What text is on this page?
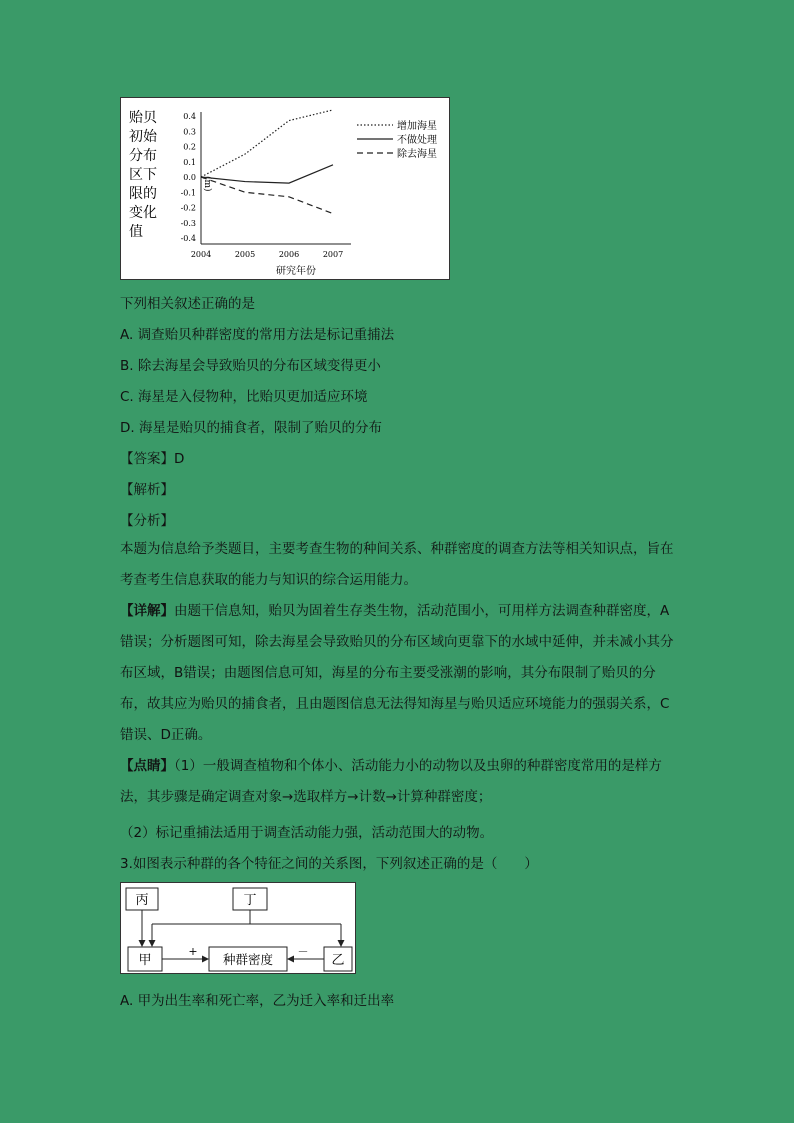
贻贝
初始
分布
区下
限的
变化
值
(m)
0.4
0.3
0.2
0.1
0.0
-0.1
-0.2
-0.3
-0.4
2004	2005	2006	2007
研究年份
增加海星
不做处理
除去海星
下列相关叙述正确的是
A. 调查贻贝种群密度的常用方法是标记重捕法
B. 除去海星会导致贻贝的分布区域变得更小
C. 海星是入侵物种，比贻贝更加适应环境
D. 海星是贻贝的捕食者，限制了贻贝的分布
【答案】D
【解析】
【分析】
本题为信息给予类题目，主要考查生物的种间关系、种群密度的调查方法等相关知识点，旨在考查考生信息获取的能力与知识的综合运用能力。
【详解】由题干信息知，贻贝为固着生存类生物，活动范围小，可用样方法调查种群密度，A错误；分析题图可知，除去海星会导致贻贝的分布区域向更靠下的水域中延伸，并未减小其分布区域，B错误；由题图信息可知，海星的分布主要受涨潮的影响，其分布限制了贻贝的分布，故其应为贻贝的捕食者，且由题图信息无法得知海星与贻贝适应环境能力的强弱关系，C错误、D正确。
【点睛】（1）一般调查植物和个体小、活动能力小的动物以及虫卵的种群密度常用的是样方法，其步骤是确定调查对象→选取样方→计数→计算种群密度；
（2）标记重捕法适用于调查活动能力强，活动范围大的动物。
3.如图表示种群的各个特征之间的关系图，下列叙述正确的是（　　）
丙	丁
甲	种群密度	乙
+	－
A. 甲为出生率和死亡率，乙为迁入率和迁出率
